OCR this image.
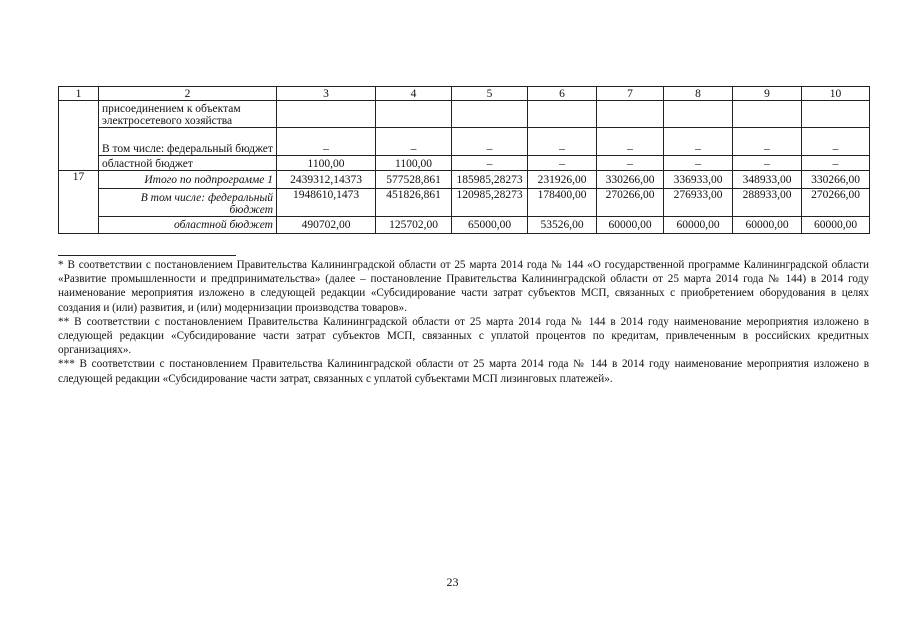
1	2	3	4	5	6	7	8	9	10
	присоединением к объектам электросетевого хозяйства								
	В том числе: федеральный бюджет	–	–	–	–	–	–	–	–
	областной бюджет	1100,00	1100,00	–	–	–	–	–	–
17	Итого по подпрограмме 1	2439312,14373	577528,861	185985,28273	231926,00	330266,00	336933,00	348933,00	330266,00
	В том числе: федеральный бюджет	1948610,1473	451826,861	120985,28273	178400,00	270266,00	276933,00	288933,00	270266,00
	областной бюджет	490702,00	125702,00	65000,00	53526,00	60000,00	60000,00	60000,00	60000,00

* В соответствии с постановлением Правительства Калининградской области от 25 марта 2014 года № 144 «О государственной программе Калининградской области «Развитие промышленности и предпринимательства» (далее – постановление Правительства Калининградской области от 25 марта 2014 года № 144) в 2014 году наименование мероприятия изложено в следующей редакции «Субсидирование части затрат субъектов МСП, связанных с приобретением оборудования в целях создания и (или) развития, и (или) модернизации производства товаров».

** В соответствии с постановлением Правительства Калининградской области от 25 марта 2014 года № 144 в 2014 году наименование мероприятия изложено в следующей редакции «Субсидирование части затрат субъектов МСП, связанных с уплатой процентов по кредитам, привлеченным в российских кредитных организациях».

*** В соответствии с постановлением Правительства Калининградской области от 25 марта 2014 года № 144 в 2014 году наименование мероприятия изложено в следующей редакции «Субсидирование части затрат, связанных с уплатой субъектами МСП лизинговых платежей».

23
